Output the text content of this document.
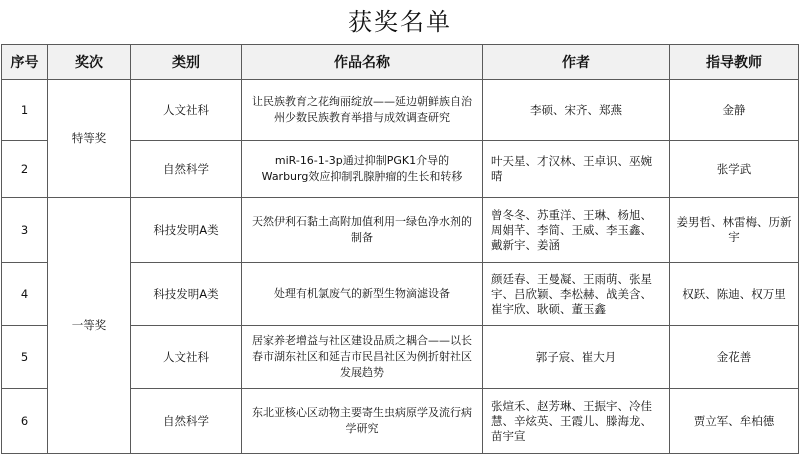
获奖名单
序号	奖次	类别	作品名称	作者	指导教师
1	特等奖	人文社科	让民族教育之花绚丽绽放——延边朝鲜族自治州少数民族教育举措与成效调查研究	李硕、宋齐、郑燕	金静
2		自然科学	miR-16-1-3p通过抑制PGK1介导的Warburg效应抑制乳腺肿瘤的生长和转移	叶天星、才汉林、王卓识、巫婉晴	张学武
3	一等奖	科技发明A类	天然伊利石黏土高附加值利用一绿色净水剂的制备	曾冬冬、苏重洋、王琳、杨旭、周娟芊、李简、王威、李玉鑫、戴新宇、姜涵	姜男哲、林雷梅、历新宇
4		科技发明A类	处理有机氯废气的新型生物滴滤设备	颜廷春、王曼凝、王雨萌、张星宇、吕欣颖、李松赫、战美含、崔宇欣、耿硕、董玉鑫	权跃、陈迪、权万里
5		人文社科	居家养老增益与社区建设品质之耦合——以长春市湖东社区和延吉市民昌社区为例折射社区发展趋势	郭子宸、崔大月	金花善
6		自然科学	东北亚核心区动物主要寄生虫病原学及流行病学研究	张煊禾、赵芳琳、王振宇、冷佳慧、辛炫英、王霞儿、滕海龙、苗宇宣	贾立军、牟柏德
